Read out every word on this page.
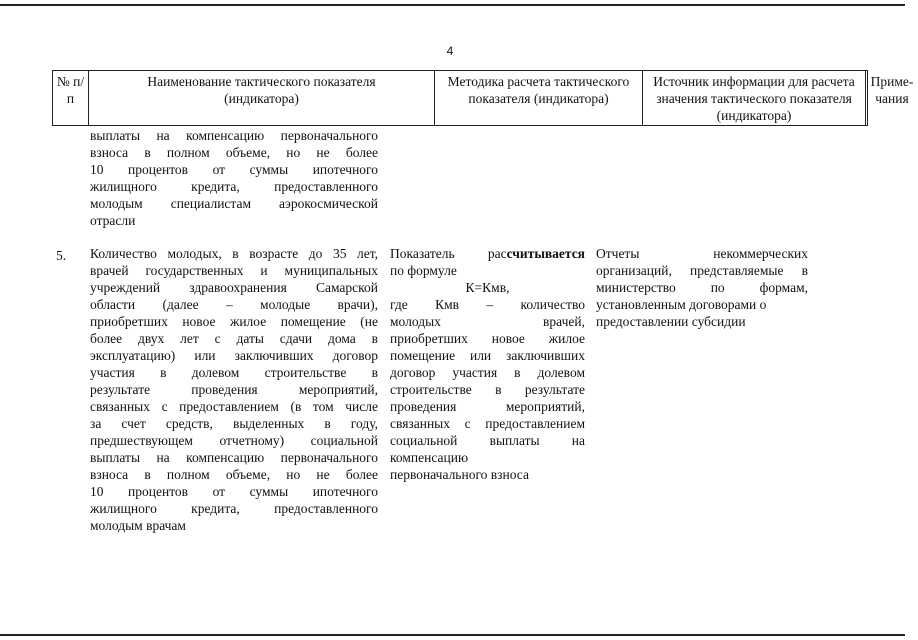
4
№ п/п
Наименование тактического показателя (индикатора)
Методика расчета тактического показателя (индикатора)
Источник информации для расчета значения тактического показателя (индикатора)
Приме-чания
выплаты на компенсацию первоначального
взноса в полном объеме, но не более
10 процентов от суммы ипотечного
жилищного кредита, предоставленного
молодым специалистам аэрокосмической
отрасли
5. Количество молодых, в возрасте до 35 лет,
врачей государственных и муниципальных
учреждений здравоохранения Самарской
области (далее – молодые врачи),
приобретших новое жилое помещение (не
более двух лет с даты сдачи дома в
эксплуатацию) или заключивших договор
участия в долевом строительстве в
результате проведения мероприятий,
связанных с предоставлением (в том числе
за счет средств, выделенных в году,
предшествующем отчетному) социальной
выплаты на компенсацию первоначального
взноса в полном объеме, но не более
10 процентов от суммы ипотечного
жилищного кредита, предоставленного
молодым врачам
Показатель рассчитывается
по формуле
К=Кмв,
где Кмв – количество
молодых врачей,
приобретших новое жилое
помещение или заключивших
договор участия в долевом
строительстве в результате
проведения мероприятий,
связанных с предоставлением
социальной выплаты на
компенсацию
первоначального взноса
Отчеты некоммерческих
организаций, представляемые в
министерство по формам,
установленным договорами о
предоставлении субсидии
